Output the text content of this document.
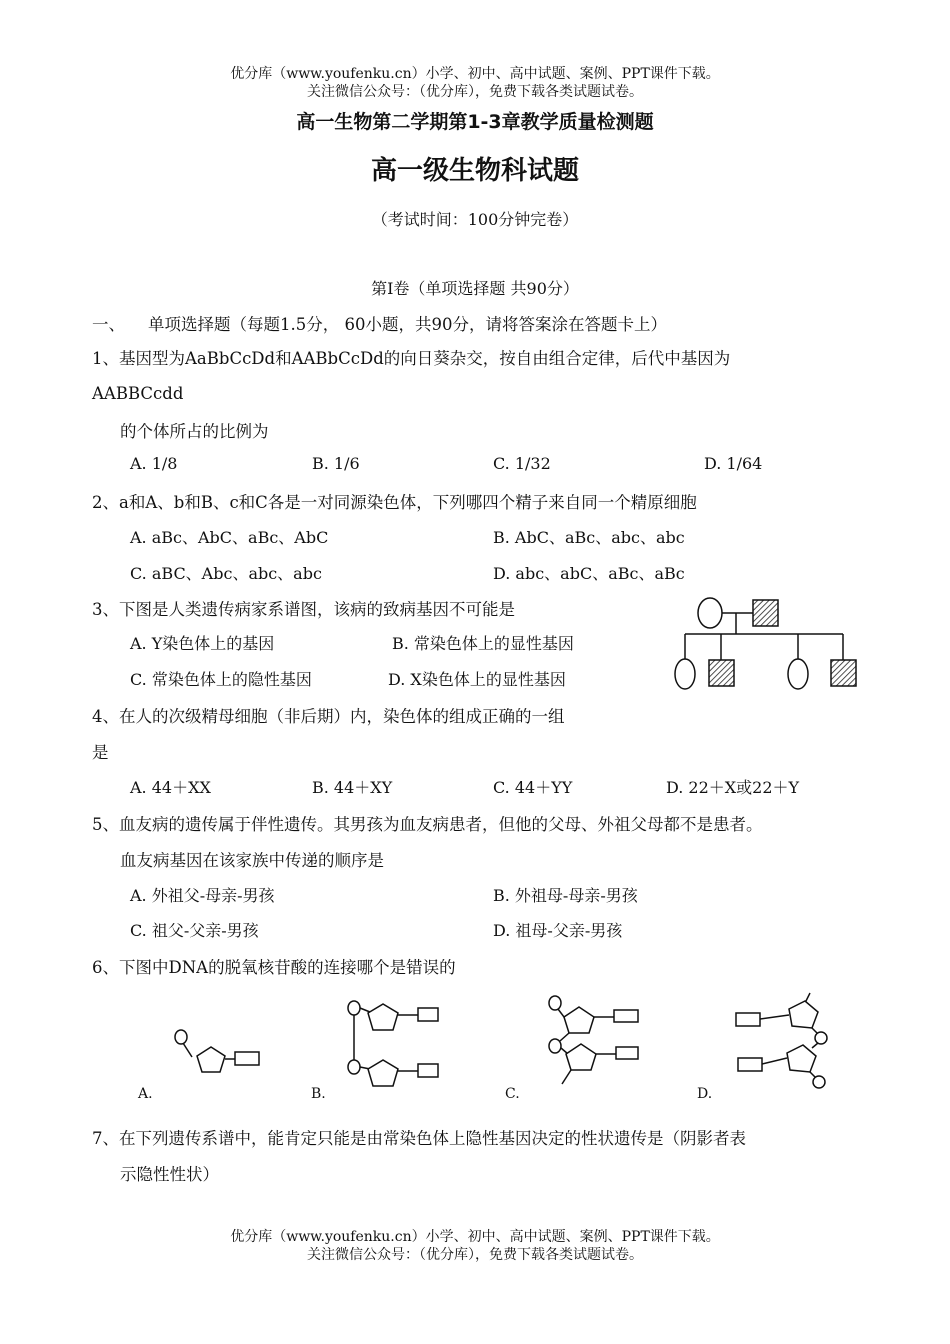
优分库（www.youfenku.cn）小学、初中、高中试题、案例、PPT课件下载。
关注微信公众号：（优分库），免费下载各类试题试卷。
高一生物第二学期第1-3章教学质量检测题
高一级生物科试题
（考试时间：100分钟完卷）
第Ⅰ卷（单项选择题 共90分）
一、 单项选择题（每题1.5分， 60小题，共90分，请将答案涂在答题卡上）
1、基因型为AaBbCcDd和AABbCcDd的向日葵杂交，按自由组合定律，后代中基因为
AABBCcdd
的个体所占的比例为
A. 1/8	B. 1/6	C. 1/32	D. 1/64
2、a和A、b和B、c和C各是一对同源染色体，下列哪四个精子来自同一个精原细胞
A. aBc、AbC、aBc、AbC	B. AbC、aBc、abc、abc
C. aBC、Abc、abc、abc	D. abc、abC、aBc、aBc
3、下图是人类遗传病家系谱图，该病的致病基因不可能是
A. Y染色体上的基因	B. 常染色体上的显性基因
C. 常染色体上的隐性基因	D. X染色体上的显性基因
4、在人的次级精母细胞（非后期）内，染色体的组成正确的一组
是
A. 44＋XX	B. 44＋XY	C. 44＋YY	D. 22＋X或22＋Y
5、血友病的遗传属于伴性遗传。其男孩为血友病患者，但他的父母、外祖父母都不是患者。
血友病基因在该家族中传递的顺序是
A. 外祖父-母亲-男孩	B. 外祖母-母亲-男孩
C. 祖父-父亲-男孩	D. 祖母-父亲-男孩
6、下图中DNA的脱氧核苷酸的连接哪个是错误的
A.	B.	C.	D.
7、在下列遗传系谱中，能肯定只能是由常染色体上隐性基因决定的性状遗传是（阴影者表
示隐性性状）
优分库（www.youfenku.cn）小学、初中、高中试题、案例、PPT课件下载。
关注微信公众号：（优分库），免费下载各类试题试卷。
